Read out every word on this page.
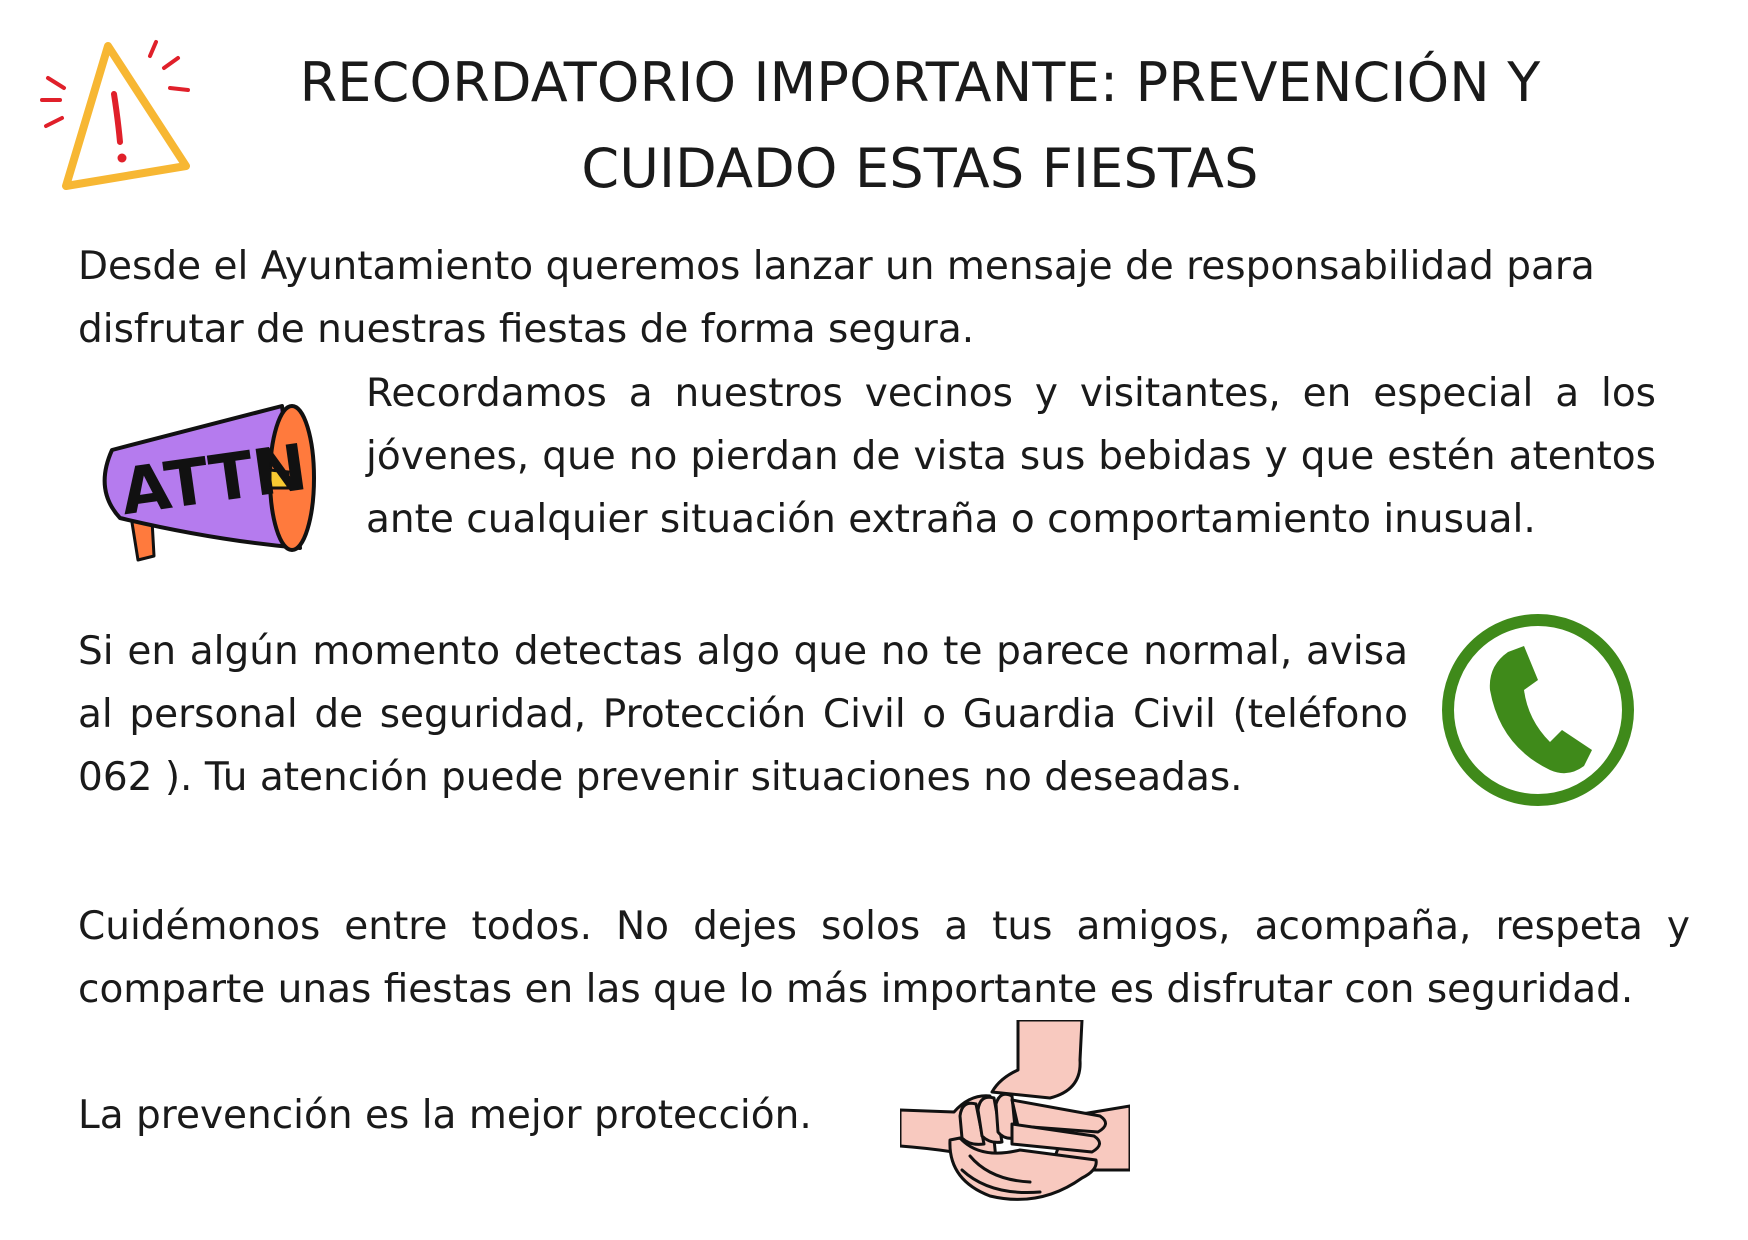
RECORDATORIO IMPORTANTE: PREVENCIÓN Y CUIDADO ESTAS FIESTAS

Desde el Ayuntamiento queremos lanzar un mensaje de responsabilidad para disfrutar de nuestras fiestas de forma segura.

ATTN

Recordamos a nuestros vecinos y visitantes, en especial a los jóvenes, que no pierdan de vista sus bebidas y que estén atentos ante cualquier situación extraña o comportamiento inusual.

Si en algún momento detectas algo que no te parece normal, avisa al personal de seguridad, Protección Civil o Guardia Civil (teléfono 062 ). Tu atención puede prevenir situaciones no deseadas.

Cuidémonos entre todos. No dejes solos a tus amigos, acompaña, respeta y comparte unas fiestas en las que lo más importante es disfrutar con seguridad.

La prevención es la mejor protección.
